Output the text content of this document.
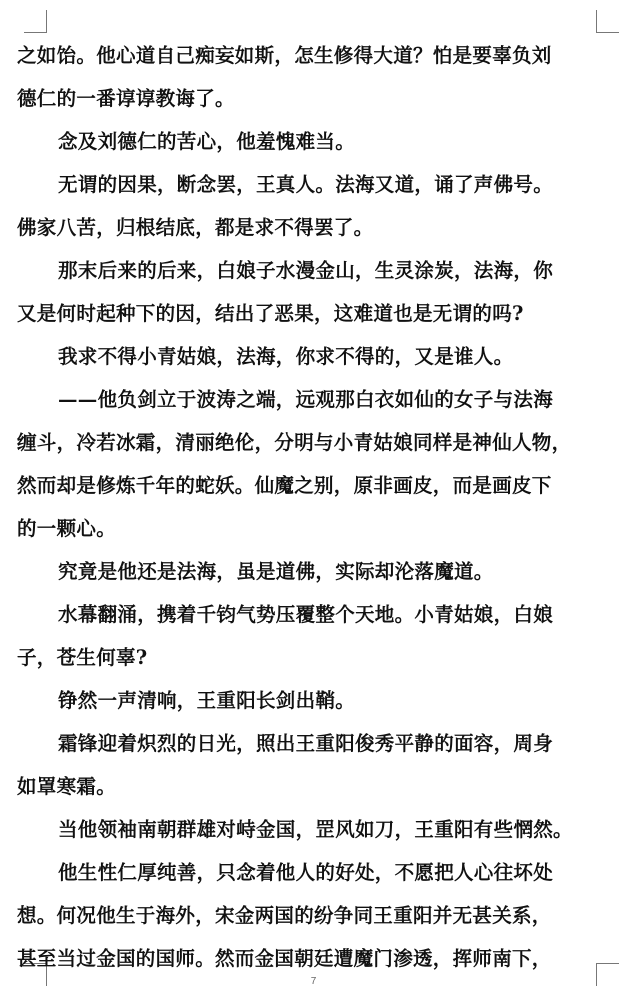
之如饴。他心道自己痴妄如斯，怎生修得大道？怕是要辜负刘
德仁的一番谆谆教诲了。
念及刘德仁的苦心，他羞愧难当。
无谓的因果，断念罢，王真人。法海又道，诵了声佛号。
佛家八苦，归根结底，都是求不得罢了。
那末后来的后来，白娘子水漫金山，生灵涂炭，法海，你
又是何时起种下的因，结出了恶果，这难道也是无谓的吗?
我求不得小青姑娘，法海，你求不得的，又是谁人。
——他负剑立于波涛之端，远观那白衣如仙的女子与法海
缠斗，冷若冰霜，清丽绝伦，分明与小青姑娘同样是神仙人物，
然而却是修炼千年的蛇妖。仙魔之别，原非画皮，而是画皮下
的一颗心。
究竟是他还是法海，虽是道佛，实际却沦落魔道。
水幕翻涌，携着千钧气势压覆整个天地。小青姑娘，白娘
子，苍生何辜?
铮然一声清响，王重阳长剑出鞘。
霜锋迎着炽烈的日光，照出王重阳俊秀平静的面容，周身
如罩寒霜。
当他领袖南朝群雄对峙金国，罡风如刀，王重阳有些惘然。
他生性仁厚纯善，只念着他人的好处，不愿把人心往坏处
想。何况他生于海外，宋金两国的纷争同王重阳并无甚关系，
甚至当过金国的国师。然而金国朝廷遭魔门渗透，挥师南下，
7
